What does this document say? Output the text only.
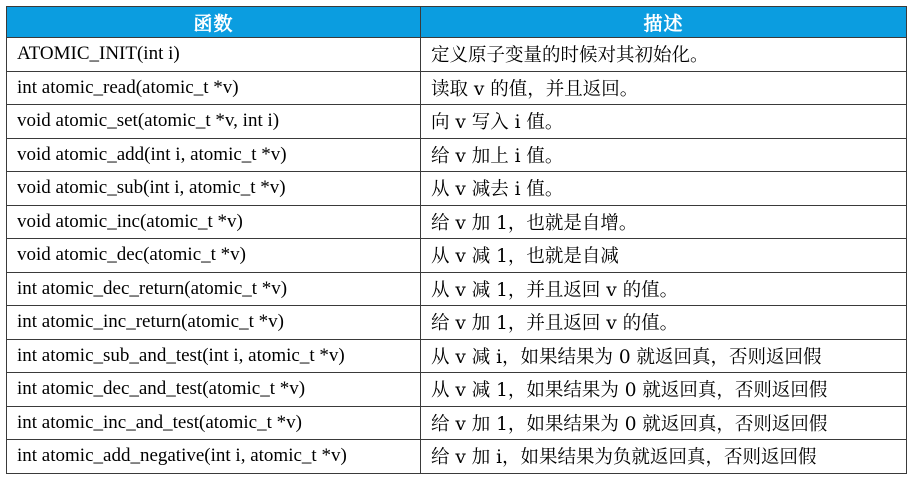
函数	描述
ATOMIC_INIT(int i)	定义原子变量的时候对其初始化。
int atomic_read(atomic_t *v)	读取 v 的值，并且返回。
void atomic_set(atomic_t *v, int i)	向 v 写入 i 值。
void atomic_add(int i, atomic_t *v)	给 v 加上 i 值。
void atomic_sub(int i, atomic_t *v)	从 v 减去 i 值。
void atomic_inc(atomic_t *v)	给 v 加 1，也就是自增。
void atomic_dec(atomic_t *v)	从 v 减 1，也就是自减
int atomic_dec_return(atomic_t *v)	从 v 减 1，并且返回 v 的值。
int atomic_inc_return(atomic_t *v)	给 v 加 1，并且返回 v 的值。
int atomic_sub_and_test(int i, atomic_t *v)	从 v 减 i，如果结果为 0 就返回真，否则返回假
int atomic_dec_and_test(atomic_t *v)	从 v 减 1，如果结果为 0 就返回真，否则返回假
int atomic_inc_and_test(atomic_t *v)	给 v 加 1，如果结果为 0 就返回真，否则返回假
int atomic_add_negative(int i, atomic_t *v)	给 v 加 i，如果结果为负就返回真，否则返回假
